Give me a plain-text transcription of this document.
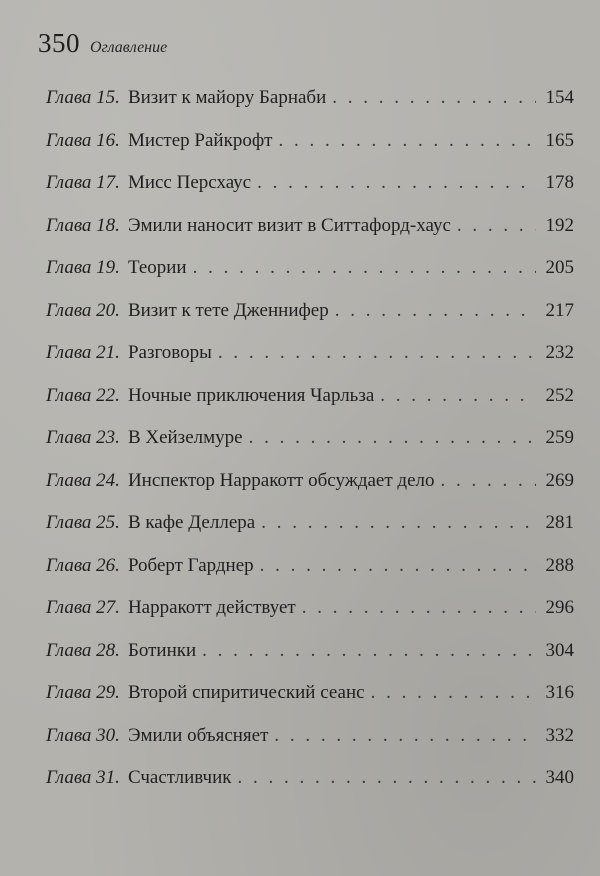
350 Оглавление
Глава 15. Визит к майору Барнаби . . .	154
Глава 16. Мистер Райкрофт . . .	165
Глава 17. Мисс Персхаус . . .	178
Глава 18. Эмили наносит визит в Ситтафорд-хаус . . .	192
Глава 19. Теории . . .	205
Глава 20. Визит к тете Дженнифер . . .	217
Глава 21. Разговоры . . .	232
Глава 22. Ночные приключения Чарльза . . .	252
Глава 23. В Хейзелмуре . . .	259
Глава 24. Инспектор Нарракотт обсуждает дело . . .	269
Глава 25. В кафе Деллера . . .	281
Глава 26. Роберт Гарднер . . .	288
Глава 27. Нарракотт действует . . .	296
Глава 28. Ботинки . . .	304
Глава 29. Второй спиритический сеанс . . .	316
Глава 30. Эмили объясняет . . .	332
Глава 31. Счастливчик . . .	340
